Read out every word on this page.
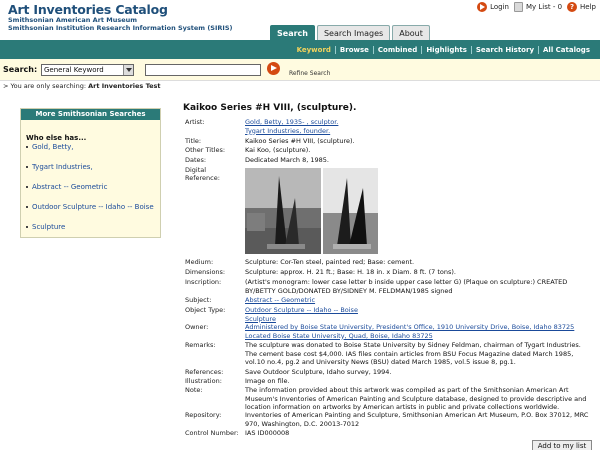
Art Inventories Catalog
Smithsonian American Art Museum
Smithsonian Institution Research Information System (SIRIS)
Login My List - 0	? Help
Search	Search Images	About
Keyword	Browse	Combined	Highlights	Search History	All Catalogs
Search: General Keyword	Refine Search
> You are only searching: Art Inventories Test
More Smithsonian Searches
Who else has...
Gold, Betty,
Tygart Industries,
Abstract -- Geometric
Outdoor Sculpture -- Idaho -- Boise
Sculpture
Kaikoo Series #H VIII, (sculpture).
Artist:	Gold, Betty, 1935- , sculptor.
Tygart Industries, founder.
Title:	Kaikoo Series #H VIII, (sculpture).
Other Titles:	Kai Koo, (sculpture).
Dates:	Dedicated March 8, 1985.
Digital Reference:
Medium:	Sculpture: Cor-Ten steel, painted red; Base: cement.
Dimensions:	Sculpture: approx. H. 21 ft.; Base: H. 18 in. x Diam. 8 ft. (7 tons).
Inscription:	(Artist's monogram: lower case letter b inside upper case letter G) (Plaque on sculpture:) CREATED BY/BETTY GOLD/DONATED BY/SIDNEY M. FELDMAN/1985 signed
Subject:	Abstract -- Geometric
Object Type:	Outdoor Sculpture -- Idaho -- Boise
Sculpture
Owner:	Administered by Boise State University, President's Office, 1910 University Drive, Boise, Idaho 83725
Located Boise State University, Quad, Boise, Idaho 83725
Remarks:	The sculpture was donated to Boise State University by Sidney Feldman, chairman of Tygart Industries. The cement base cost $4,000. IAS files contain articles from BSU Focus Magazine dated March 1985, vol.10 no.4, pg.2 and University News (BSU) dated March 1985, vol.5 issue 8, pg.1.
References:	Save Outdoor Sculpture, Idaho survey, 1994.
Illustration:	Image on file.
Note:	The information provided about this artwork was compiled as part of the Smithsonian American Art Museum's Inventories of American Painting and Sculpture database, designed to provide descriptive and location information on artworks by American artists in public and private collections worldwide.
Repository:	Inventories of American Painting and Sculpture, Smithsonian American Art Museum, P.O. Box 37012, MRC 970, Washington, D.C. 20013-7012
Control Number: IAS ID000008
Add to my list
